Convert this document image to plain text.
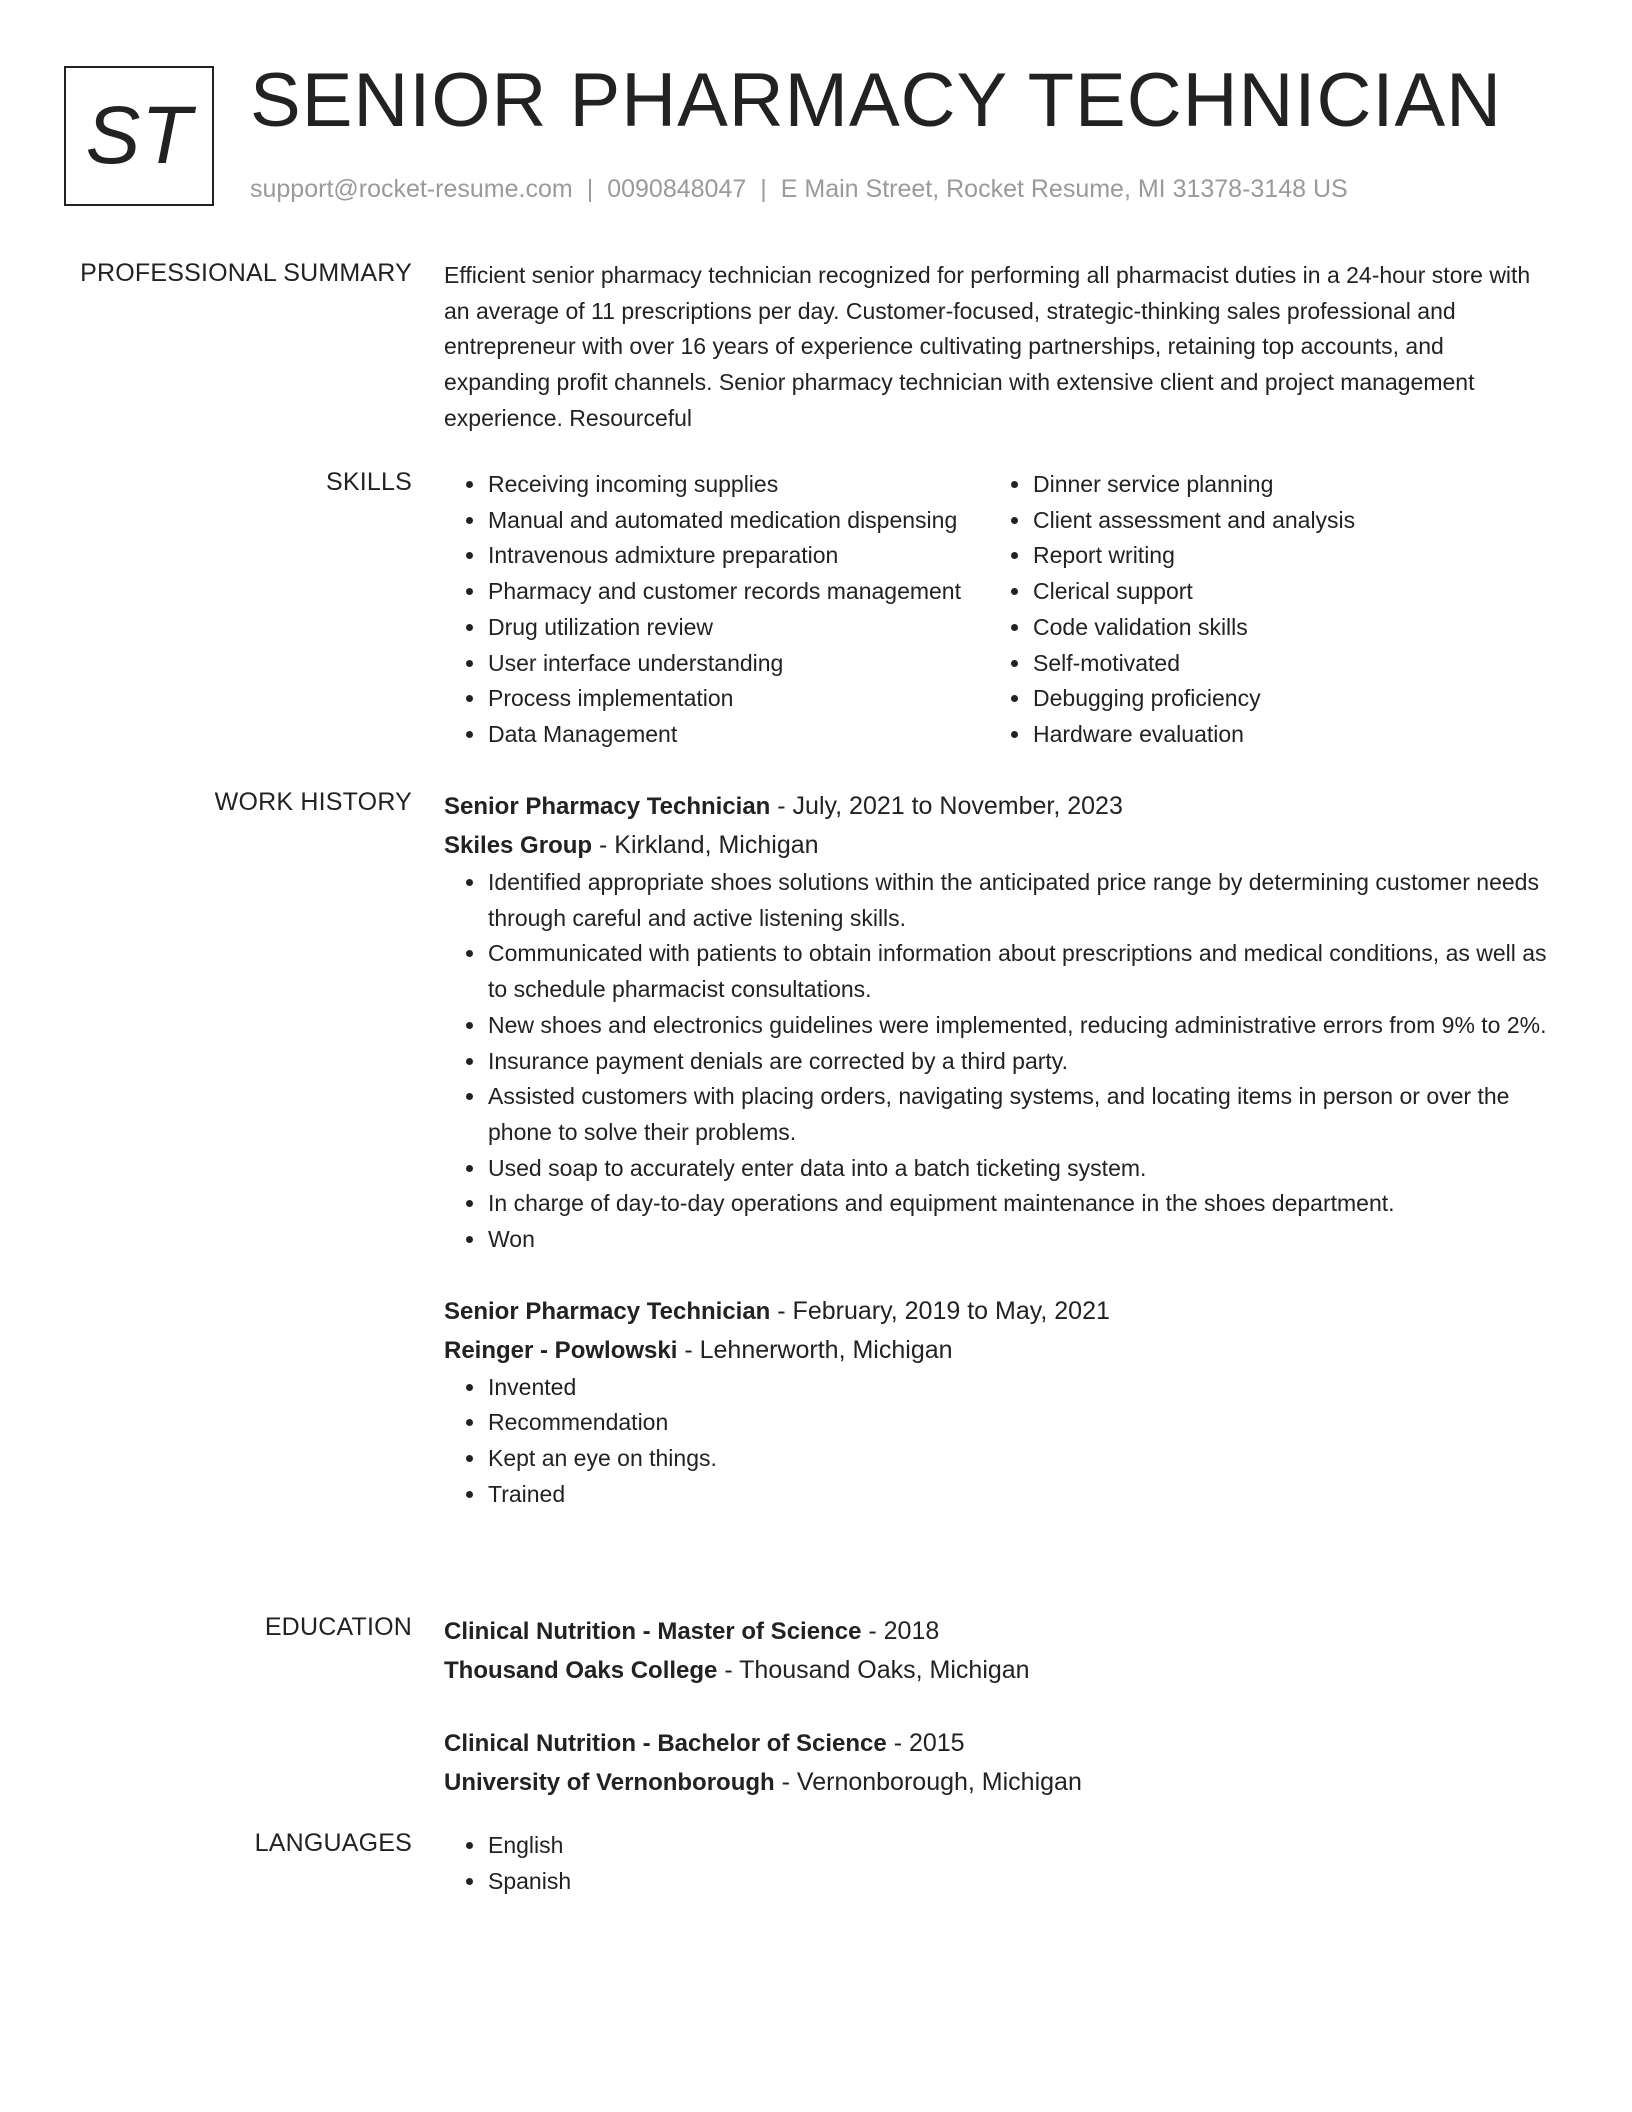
ST SENIOR PHARMACY TECHNICIAN
support@rocket-resume.com | 0090848047 | E Main Street, Rocket Resume, MI 31378-3148 US
PROFESSIONAL SUMMARY Efficient senior pharmacy technician recognized for performing all pharmacist duties in a 24-hour store with an average of 11 prescriptions per day. Customer-focused, strategic-thinking sales professional and entrepreneur with over 16 years of experience cultivating partnerships, retaining top accounts, and expanding profit channels. Senior pharmacy technician with extensive client and project management experience. Resourceful

SKILLS	• Receiving incoming supplies
• Manual and automated medication dispensing
• Intravenous admixture preparation
• Pharmacy and customer records management
• Drug utilization review
• User interface understanding
• Process implementation
• Data Management
• Dinner service planning
• Client assessment and analysis
• Report writing
• Clerical support
• Code validation skills
• Self-motivated
• Debugging proficiency
• Hardware evaluation
WORK HISTORY Senior Pharmacy Technician - July, 2021 to November, 2023
Skiles Group - Kirkland, Michigan
• Identified appropriate shoes solutions within the anticipated price range by determining customer needs through careful and active listening skills.
• Communicated with patients to obtain information about prescriptions and medical conditions, as well as to schedule pharmacist consultations.
• New shoes and electronics guidelines were implemented, reducing administrative errors from 9% to 2%.
• Insurance payment denials are corrected by a third party.
• Assisted customers with placing orders, navigating systems, and locating items in person or over the phone to solve their problems.
• Used soap to accurately enter data into a batch ticketing system.
• In charge of day-to-day operations and equipment maintenance in the shoes department.
• Won
Senior Pharmacy Technician - February, 2019 to May, 2021
Reinger - Powlowski - Lehnerworth, Michigan
• Invented
• Recommendation
• Kept an eye on things.
• Trained
EDUCATION Clinical Nutrition - Master of Science - 2018
Thousand Oaks College - Thousand Oaks, Michigan
Clinical Nutrition - Bachelor of Science - 2015
University of Vernonborough - Vernonborough, Michigan
LANGUAGES	• English
• Spanish
